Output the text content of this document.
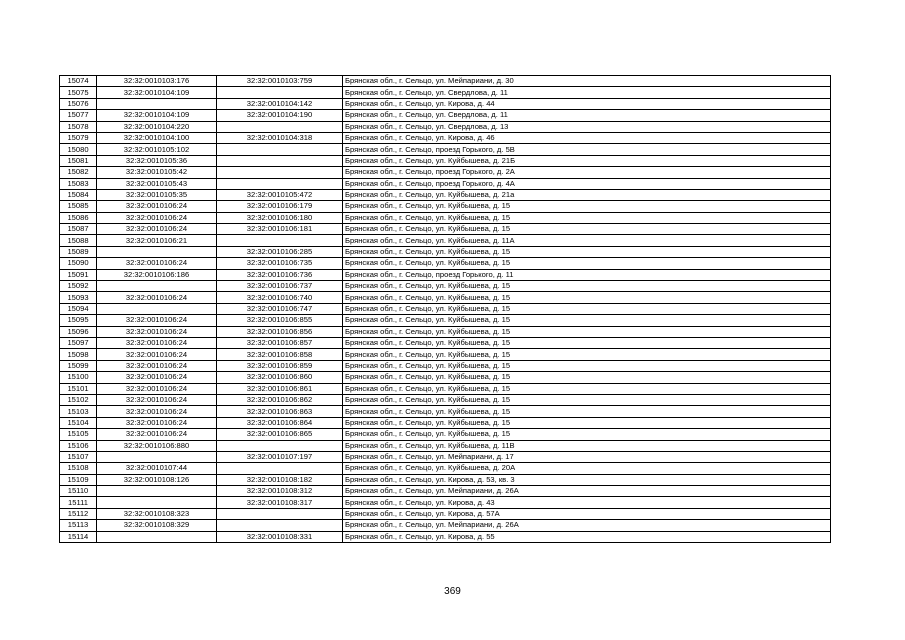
15074	32:32:0010103:176	32:32:0010103:759	Брянская обл., г. Сельцо, ул. Мейпариани, д. 30
15075	32:32:0010104:109		Брянская обл., г. Сельцо, ул. Свердлова, д. 11
15076		32:32:0010104:142	Брянская обл., г. Сельцо, ул. Кирова, д. 44
15077	32:32:0010104:109	32:32:0010104:190	Брянская обл., г. Сельцо, ул. Свердлова, д. 11
15078	32:32:0010104:220		Брянская обл., г. Сельцо, ул. Свердлова, д. 13
15079	32:32:0010104:100	32:32:0010104:318	Брянская обл., г. Сельцо, ул. Кирова, д. 46
15080	32:32:0010105:102		Брянская обл., г. Сельцо, проезд Горького, д. 5В
15081	32:32:0010105:36		Брянская обл., г. Сельцо, ул. Куйбышева, д. 21Б
15082	32:32:0010105:42		Брянская обл., г. Сельцо, проезд Горького, д. 2А
15083	32:32:0010105:43		Брянская обл., г. Сельцо, проезд Горького, д. 4А
15084	32:32:0010105:35	32:32:0010105:472	Брянская обл., г. Сельцо, ул. Куйбышева, д. 21а
15085	32:32:0010106:24	32:32:0010106:179	Брянская обл., г. Сельцо, ул. Куйбышева, д. 15
15086	32:32:0010106:24	32:32:0010106:180	Брянская обл., г. Сельцо, ул. Куйбышева, д. 15
15087	32:32:0010106:24	32:32:0010106:181	Брянская обл., г. Сельцо, ул. Куйбышева, д. 15
15088	32:32:0010106:21		Брянская обл., г. Сельцо, ул. Куйбышева, д. 11А
15089		32:32:0010106:285	Брянская обл., г. Сельцо, ул. Куйбышева, д. 15
15090	32:32:0010106:24	32:32:0010106:735	Брянская обл., г. Сельцо, ул. Куйбышева, д. 15
15091	32:32:0010106:186	32:32:0010106:736	Брянская обл., г. Сельцо, проезд Горького, д. 11
15092		32:32:0010106:737	Брянская обл., г. Сельцо, ул. Куйбышева, д. 15
15093	32:32:0010106:24	32:32:0010106:740	Брянская обл., г. Сельцо, ул. Куйбышева, д. 15
15094		32:32:0010106:747	Брянская обл., г. Сельцо, ул. Куйбышева, д. 15
15095	32:32:0010106:24	32:32:0010106:855	Брянская обл., г. Сельцо, ул. Куйбышева, д. 15
15096	32:32:0010106:24	32:32:0010106:856	Брянская обл., г. Сельцо, ул. Куйбышева, д. 15
15097	32:32:0010106:24	32:32:0010106:857	Брянская обл., г. Сельцо, ул. Куйбышева, д. 15
15098	32:32:0010106:24	32:32:0010106:858	Брянская обл., г. Сельцо, ул. Куйбышева, д. 15
15099	32:32:0010106:24	32:32:0010106:859	Брянская обл., г. Сельцо, ул. Куйбышева, д. 15
15100	32:32:0010106:24	32:32:0010106:860	Брянская обл., г. Сельцо, ул. Куйбышева, д. 15
15101	32:32:0010106:24	32:32:0010106:861	Брянская обл., г. Сельцо, ул. Куйбышева, д. 15
15102	32:32:0010106:24	32:32:0010106:862	Брянская обл., г. Сельцо, ул. Куйбышева, д. 15
15103	32:32:0010106:24	32:32:0010106:863	Брянская обл., г. Сельцо, ул. Куйбышева, д. 15
15104	32:32:0010106:24	32:32:0010106:864	Брянская обл., г. Сельцо, ул. Куйбышева, д. 15
15105	32:32:0010106:24	32:32:0010106:865	Брянская обл., г. Сельцо, ул. Куйбышева, д. 15
15106	32:32:0010106:880		Брянская обл., г. Сельцо, ул. Куйбышева, д. 11В
15107		32:32:0010107:197	Брянская обл., г. Сельцо, ул. Мейпариани, д. 17
15108	32:32:0010107:44		Брянская обл., г. Сельцо, ул. Куйбышева, д. 20А
15109	32:32:0010108:126	32:32:0010108:182	Брянская обл., г. Сельцо, ул. Кирова, д. 53, кв. 3
15110		32:32:0010108:312	Брянская обл., г. Сельцо, ул. Мейпариани, д. 26А
15111		32:32:0010108:317	Брянская обл., г. Сельцо, ул. Кирова, д. 43
15112	32:32:0010108:323		Брянская обл., г. Сельцо, ул. Кирова, д. 57А
15113	32:32:0010108:329		Брянская обл., г. Сельцо, ул. Мейпариани, д. 26А
15114		32:32:0010108:331	Брянская обл., г. Сельцо, ул. Кирова, д. 55
369
